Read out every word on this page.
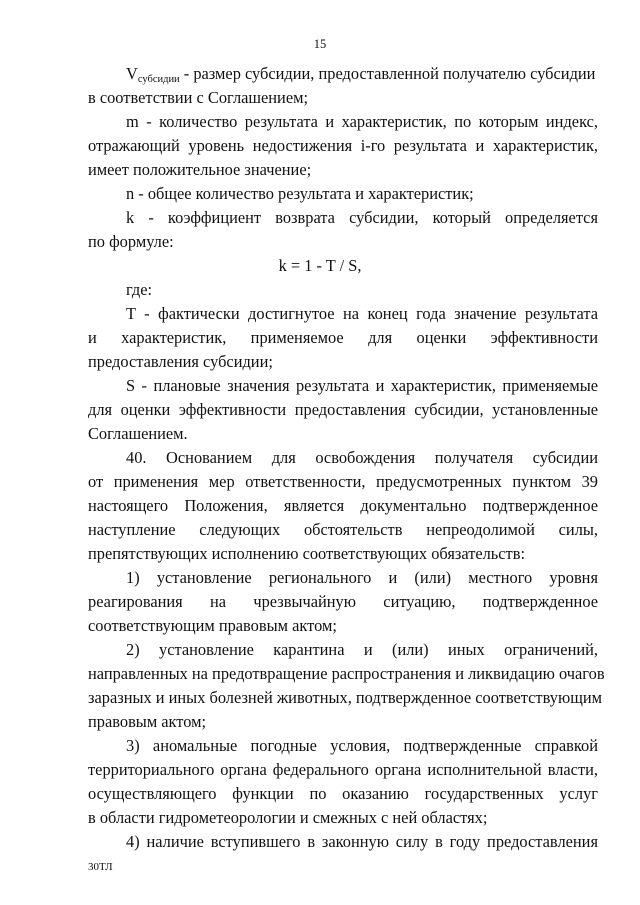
15
$V_{субсидии}$ - размер субсидии, предоставленной получателю субсидии
в соответствии с Соглашением;
m - количество результата и характеристик, по которым индекс,
отражающий уровень недостижения i-го результата и характеристик,
имеет положительное значение;
n - общее количество результата и характеристик;
k - коэффициент возврата субсидии, который определяется
по формуле:
k = 1 - T / S,
где:
T - фактически достигнутое на конец года значение результата
и характеристик, применяемое для оценки эффективности
предоставления субсидии;
S - плановые значения результата и характеристик, применяемые
для оценки эффективности предоставления субсидии, установленные
Соглашением.
40. Основанием для освобождения получателя субсидии
от применения мер ответственности, предусмотренных пунктом 39
настоящего Положения, является документально подтвержденное
наступление следующих обстоятельств непреодолимой силы,
препятствующих исполнению соответствующих обязательств:
1) установление регионального и (или) местного уровня
реагирования на чрезвычайную ситуацию, подтвержденное
соответствующим правовым актом;
2) установление карантина и (или) иных ограничений,
направленных на предотвращение распространения и ликвидацию очагов
заразных и иных болезней животных, подтвержденное соответствующим
правовым актом;
3) аномальные погодные условия, подтвержденные справкой
территориального органа федерального органа исполнительной власти,
осуществляющего функции по оказанию государственных услуг
в области гидрометеорологии и смежных с ней областях;
4) наличие вступившего в законную силу в году предоставления
30ТЛ
